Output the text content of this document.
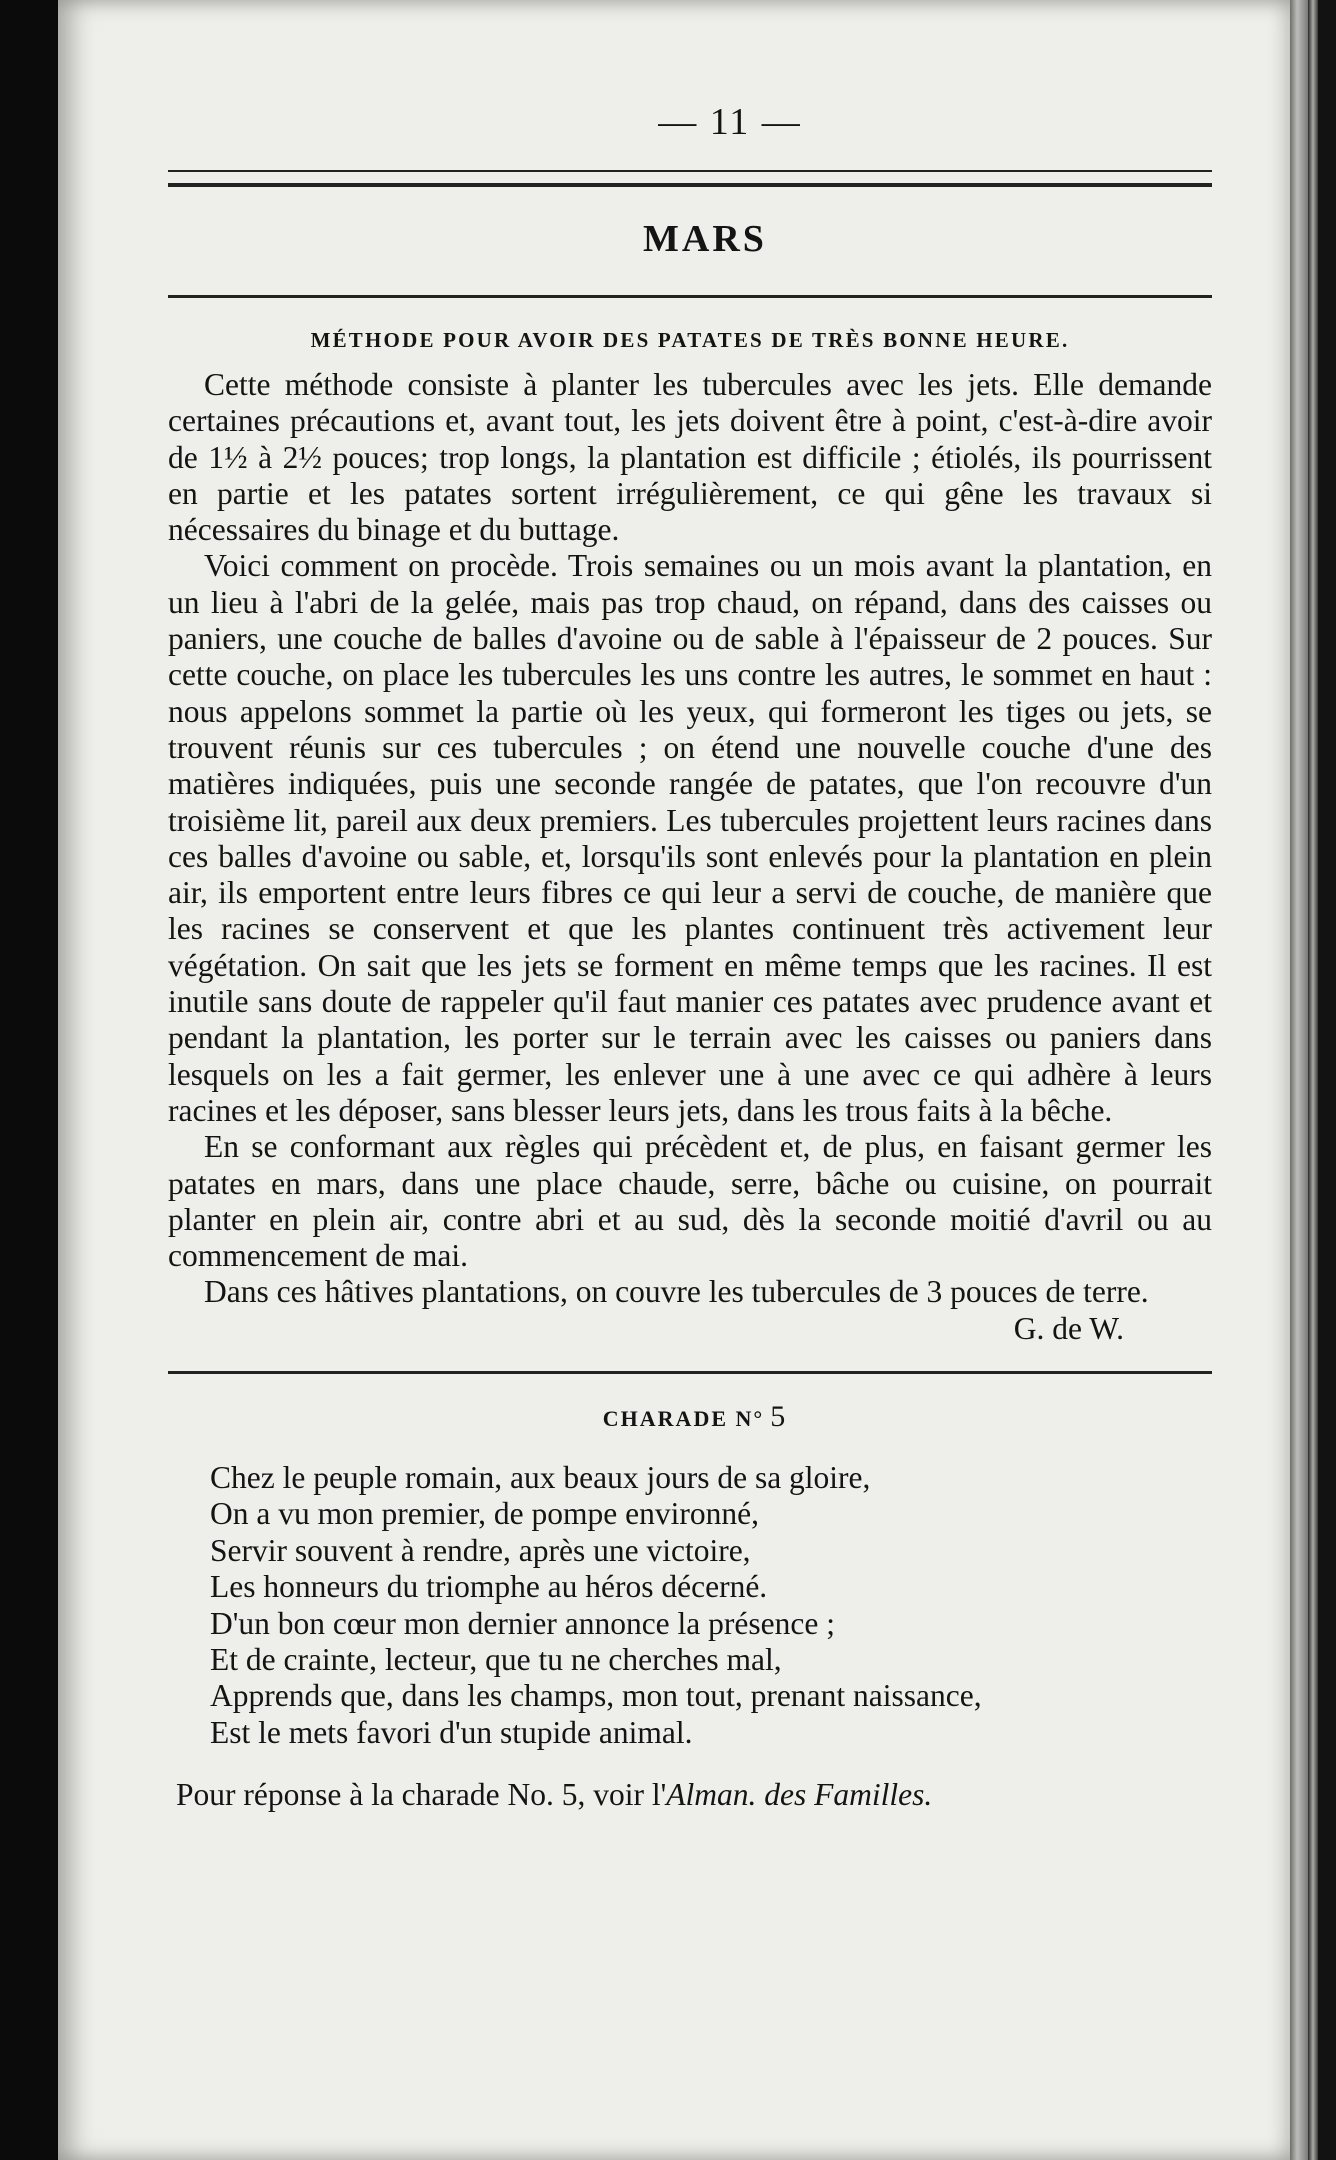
— 11 —
MARS
MÉTHODE POUR AVOIR DES PATATES DE TRÈS BONNE HEURE.

Cette méthode consiste à planter les tubercules avec les jets. Elle demande certaines précautions et, avant tout, les jets doivent être à point, c'est-à-dire avoir de 1½ à 2½ pouces; trop longs, la plantation est difficile ; étiolés, ils pourrissent en partie et les patates sortent irrégulièrement, ce qui gêne les travaux si nécessaires du binage et du buttage.

Voici comment on procède. Trois semaines ou un mois avant la plantation, en un lieu à l'abri de la gelée, mais pas trop chaud, on répand, dans des caisses ou paniers, une couche de balles d'avoine ou de sable à l'épaisseur de 2 pouces. Sur cette couche, on place les tubercules les uns contre les autres, le sommet en haut : nous appelons sommet la partie où les yeux, qui formeront les tiges ou jets, se trouvent réunis sur ces tubercules ; on étend une nouvelle couche d'une des matières indiquées, puis une seconde rangée de patates, que l'on recouvre d'un troisième lit, pareil aux deux premiers. Les tubercules projettent leurs racines dans ces balles d'avoine ou sable, et, lorsqu'ils sont enlevés pour la plantation en plein air, ils emportent entre leurs fibres ce qui leur a servi de couche, de manière que les racines se conservent et que les plantes continuent très activement leur végétation. On sait que les jets se forment en même temps que les racines. Il est inutile sans doute de rappeler qu'il faut manier ces patates avec prudence avant et pendant la plantation, les porter sur le terrain avec les caisses ou paniers dans lesquels on les a fait germer, les enlever une à une avec ce qui adhère à leurs racines et les déposer, sans blesser leurs jets, dans les trous faits à la bêche.

En se conformant aux règles qui précèdent et, de plus, en faisant germer les patates en mars, dans une place chaude, serre, bâche ou cuisine, on pourrait planter en plein air, contre abri et au sud, dès la seconde moitié d'avril ou au commencement de mai.

Dans ces hâtives plantations, on couvre les tubercules de 3 pouces de terre.

G. de W.
CHARADE N° 5
Chez le peuple romain, aux beaux jours de sa gloire,
On a vu mon premier, de pompe environné,
Servir souvent à rendre, après une victoire,
Les honneurs du triomphe au héros décerné.
D'un bon cœur mon dernier annonce la présence ;
Et de crainte, lecteur, que tu ne cherches mal,
Apprends que, dans les champs, mon tout, prenant naissance,
Est le mets favori d'un stupide animal.
Pour réponse à la charade No. 5, voir l'Alman. des Familles.
